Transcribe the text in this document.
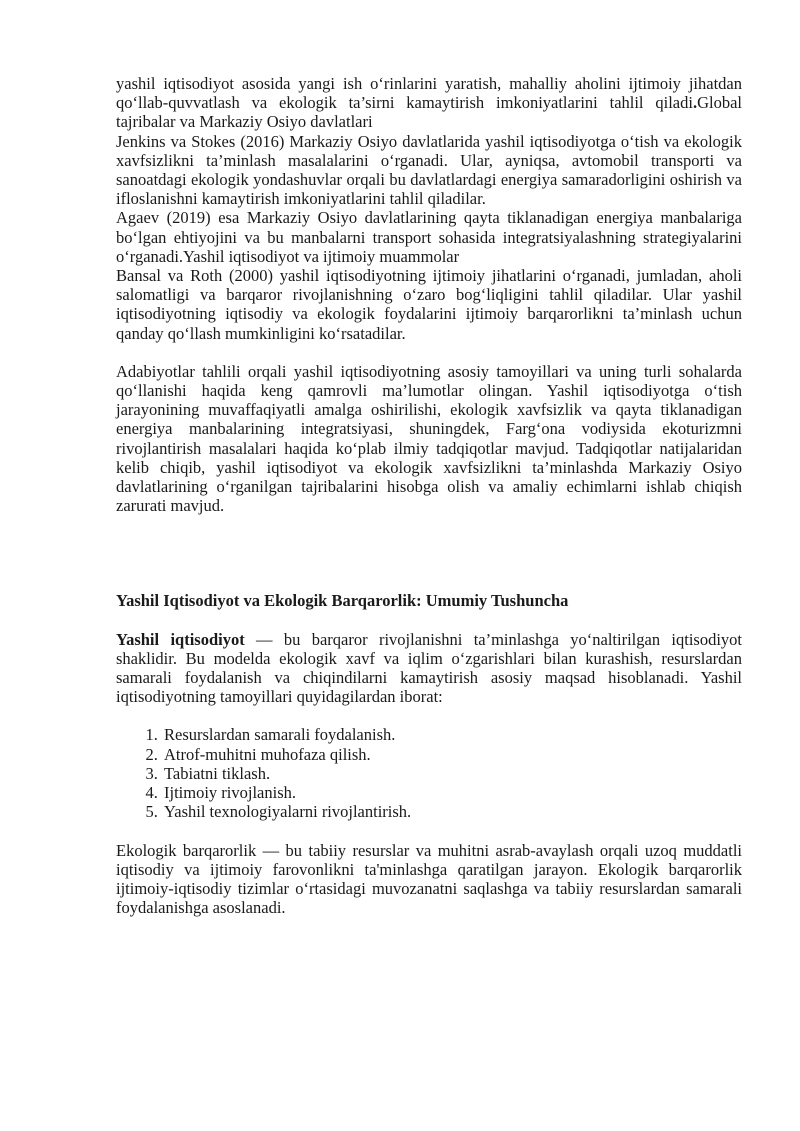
yashil iqtisodiyot asosida yangi ish o‘rinlarini yaratish, mahalliy aholini ijtimoiy jihatdan qo‘llab-quvvatlash va ekologik ta’sirni kamaytirish imkoniyatlarini tahlil qiladi.Global tajribalar va Markaziy Osiyo davlatlari

Jenkins va Stokes (2016) Markaziy Osiyo davlatlarida yashil iqtisodiyotga o‘tish va ekologik xavfsizlikni ta’minlash masalalarini o‘rganadi. Ular, ayniqsa, avtomobil transporti va sanoatdagi ekologik yondashuvlar orqali bu davlatlardagi energiya samaradorligini oshirish va ifloslanishni kamaytirish imkoniyatlarini tahlil qiladilar.

Agaev (2019) esa Markaziy Osiyo davlatlarining qayta tiklanadigan energiya manbalariga bo‘lgan ehtiyojini va bu manbalarni transport sohasida integratsiyalashning strategiyalarini o‘rganadi.Yashil iqtisodiyot va ijtimoiy muammolar

Bansal va Roth (2000) yashil iqtisodiyotning ijtimoiy jihatlarini o‘rganadi, jumladan, aholi salomatligi va barqaror rivojlanishning o‘zaro bog‘liqligini tahlil qiladilar. Ular yashil iqtisodiyotning iqtisodiy va ekologik foydalarini ijtimoiy barqarorlikni ta’minlash uchun qanday qo‘llash mumkinligini ko‘rsatadilar.

Adabiyotlar tahlili orqali yashil iqtisodiyotning asosiy tamoyillari va uning turli sohalarda qo‘llanishi haqida keng qamrovli ma’lumotlar olingan. Yashil iqtisodiyotga o‘tish jarayonining muvaffaqiyatli amalga oshirilishi, ekologik xavfsizlik va qayta tiklanadigan energiya manbalarining integratsiyasi, shuningdek, Farg‘ona vodiysida ekoturizmni rivojlantirish masalalari haqida ko‘plab ilmiy tadqiqotlar mavjud. Tadqiqotlar natijalaridan kelib chiqib, yashil iqtisodiyot va ekologik xavfsizlikni ta’minlashda Markaziy Osiyo davlatlarining o‘rganilgan tajribalarini hisobga olish va amaliy echimlarni ishlab chiqish zarurati mavjud.

Yashil Iqtisodiyot va Ekologik Barqarorlik: Umumiy Tushuncha

Yashil iqtisodiyot — bu barqaror rivojlanishni ta’minlashga yo‘naltirilgan iqtisodiyot shaklidir. Bu modelda ekologik xavf va iqlim o‘zgarishlari bilan kurashish, resurslardan samarali foydalanish va chiqindilarni kamaytirish asosiy maqsad hisoblanadi. Yashil iqtisodiyotning tamoyillari quyidagilardan iborat:

1. Resurslardan samarali foydalanish.
2. Atrof-muhitni muhofaza qilish.
3. Tabiatni tiklash.
4. Ijtimoiy rivojlanish.
5. Yashil texnologiyalarni rivojlantirish.

Ekologik barqarorlik — bu tabiiy resurslar va muhitni asrab-avaylash orqali uzoq muddatli iqtisodiy va ijtimoiy farovonlikni ta'minlashga qaratilgan jarayon. Ekologik barqarorlik ijtimoiy-iqtisodiy tizimlar o‘rtasidagi muvozanatni saqlashga va tabiiy resurslardan samarali foydalanishga asoslanadi.
